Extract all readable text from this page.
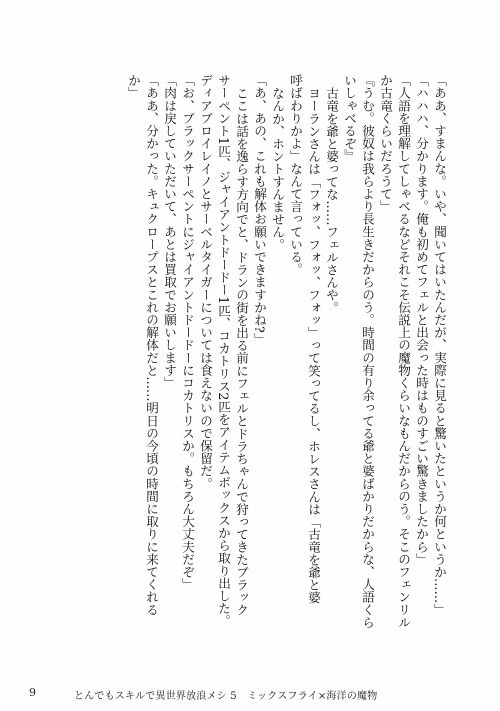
「ああ、すまんな。いや、聞いてはいたんだが、実際に見ると驚いたというか何というか……」
「ハハハ、分かります。俺も初めてフェルと出会った時はものすごい驚きましたから」
「人語を理解してしゃべるなどそれこそ伝説上の魔物くらいなもんだからのう。そこのフェンリル
か古竜くらいだろうて」
『うむ。彼奴は我らより長生きだからのう。時間の有り余ってる爺と婆ばかりだからな、人語くら
いしゃべるぞ』
古竜を爺と婆ってな……フェルさんや。
ヨーランさんは「フォッ、フォッ、フォッ」って笑ってるし、ホレスさんは「古竜を爺と婆
呼ばわりかよ」なんて言っている。
なんか、ホントすんません。
「あ、あの、これも解体お願いできますかね?」
ここは話を逸らす方向でと、ドランの街を出る前にフェルとドラちゃんで狩ってきたブラック
サーペント1匹、ジャイアントドードー1匹、コカトリス2匹をアイテムボックスから取り出した。
ディアブロイレイノとサーベルタイガーについては食えないので保留だ。
「お、ブラックサーペントにジャイアントドードーにコカトリスか。もちろん大丈夫だぞ」
「肉は戻していただいて、あとは買取でお願いします」
「ああ、分かった。キュクロープスとこれの解体だと……明日の今頃の時間に取りに来てくれる
か」
9	とんでもスキルで異世界放浪メシ 5　ミックスフライ×海洋の魔物
